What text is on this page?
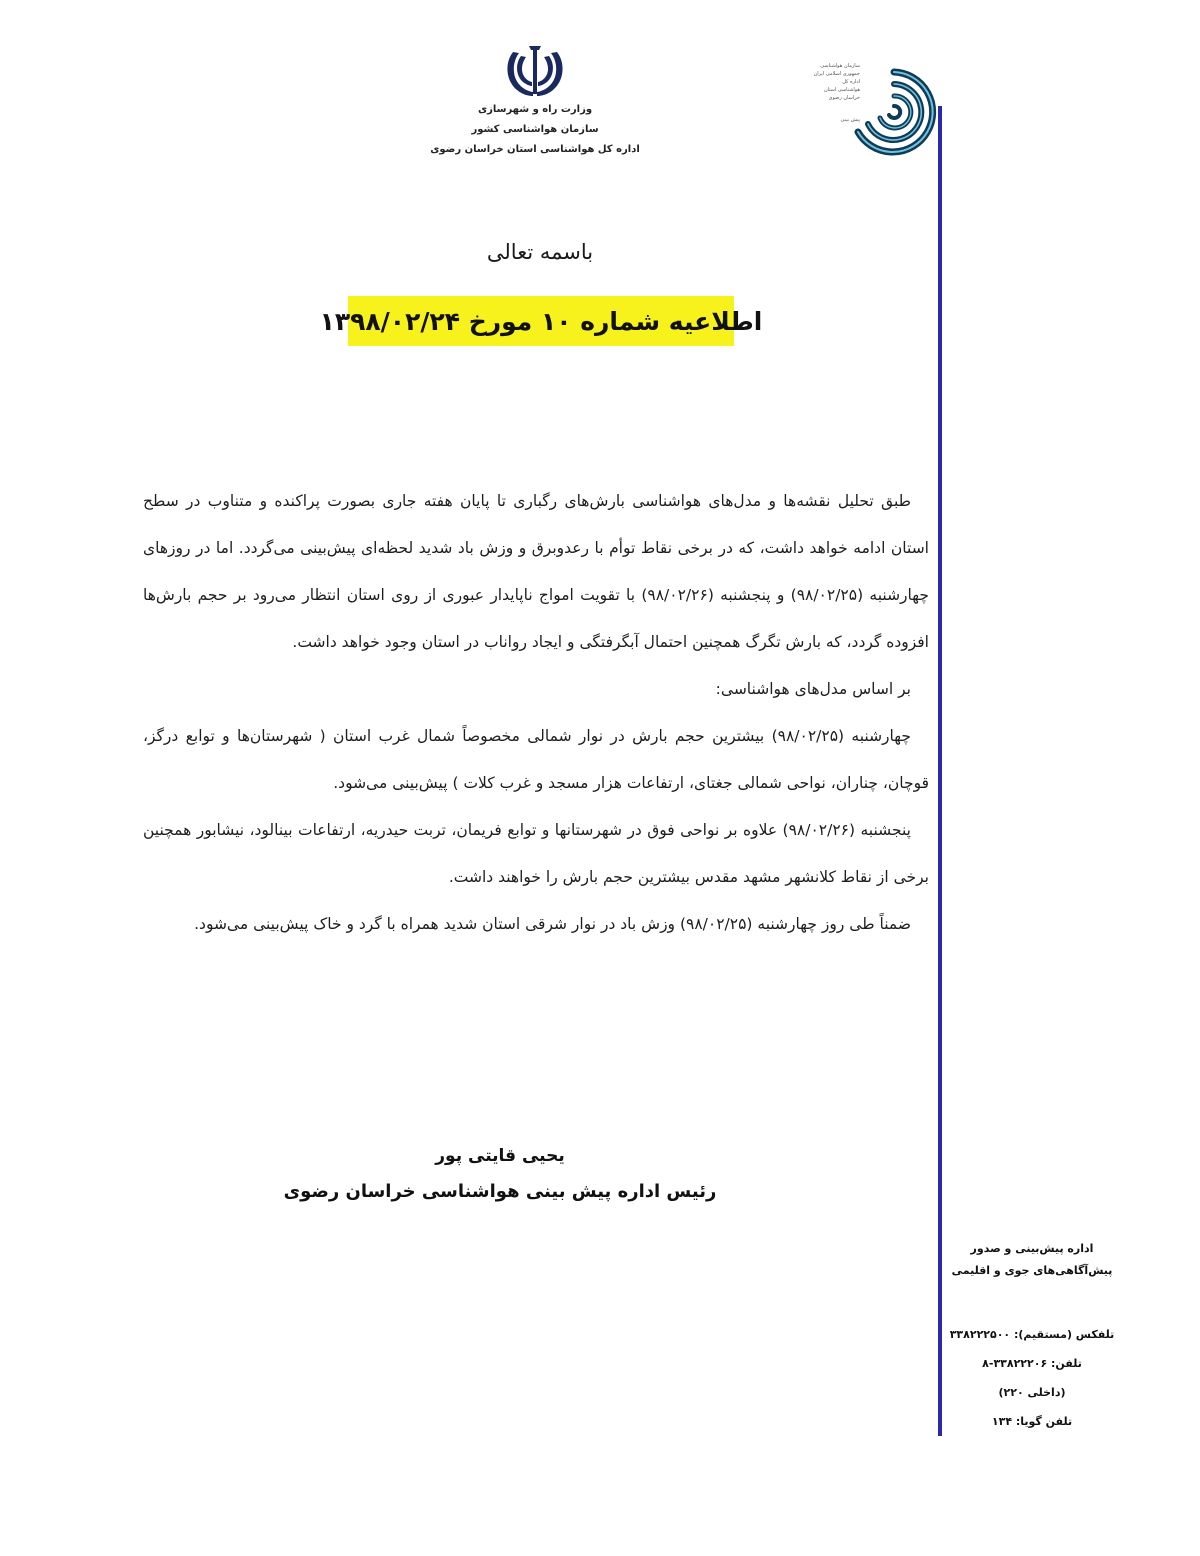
وزارت راه و شهرسازی
سازمان هواشناسی کشور
اداره کل هواشناسی استان خراسان رضوی
سازمان هواشناسی
جمهوری اسلامی ایران
اداره کل
هواشناسی استان
خراسان رضوی
پیش بینی
باسمه تعالی
اطلاعیه شماره ۱۰ مورخ ۱۳۹۸/۰۲/۲۴

طبق تحلیل نقشه‌ها و مدل‌های هواشناسی بارش‌های رگباری تا پایان هفته جاری بصورت پراکنده و متناوب در سطح استان ادامه خواهد داشت، که در برخی نقاط توأم با رعدوبرق و وزش باد شدید لحظه‌ای پیش‌بینی می‌گردد. اما در روزهای چهارشنبه (۹۸/۰۲/۲۵) و پنجشنبه (۹۸/۰۲/۲۶) با تقویت امواج ناپایدار عبوری از روی استان انتظار می‌رود بر حجم بارش‌ها افزوده گردد، که بارش تگرگ همچنین احتمال آبگرفتگی و ایجاد رواناب در استان وجود خواهد داشت.

بر اساس مدل‌های هواشناسی:

چهارشنبه (۹۸/۰۲/۲۵) بیشترین حجم بارش در نوار شمالی مخصوصاً شمال غرب استان ( شهرستان‌ها و توابع درگز، قوچان، چناران، نواحی شمالی جغتای، ارتفاعات هزار مسجد و غرب کلات ) پیش‌بینی می‌شود.

پنجشنبه (۹۸/۰۲/۲۶) علاوه بر نواحی فوق در شهرستانها و توابع فریمان، تربت حیدریه، ارتفاعات بینالود، نیشابور همچنین برخی از نقاط کلانشهر مشهد مقدس بیشترین حجم بارش را خواهند داشت.

ضمناً طی روز چهارشنبه (۹۸/۰۲/۲۵) وزش باد در نوار شرقی استان شدید همراه با گرد و خاک پیش‌بینی می‌شود.

یحیی قایتی پور
رئیس اداره پیش بینی هواشناسی خراسان رضوی
اداره پیش‌بینی و صدور
پیش‌آگاهی‌های جوی و اقلیمی
تلفکس (مستقیم): ۳۳۸۲۲۲۵۰۰
تلفن: ۳۳۸۲۲۲۰۶-۸
(داخلی ۲۲۰)
تلفن گویا: ۱۳۴
